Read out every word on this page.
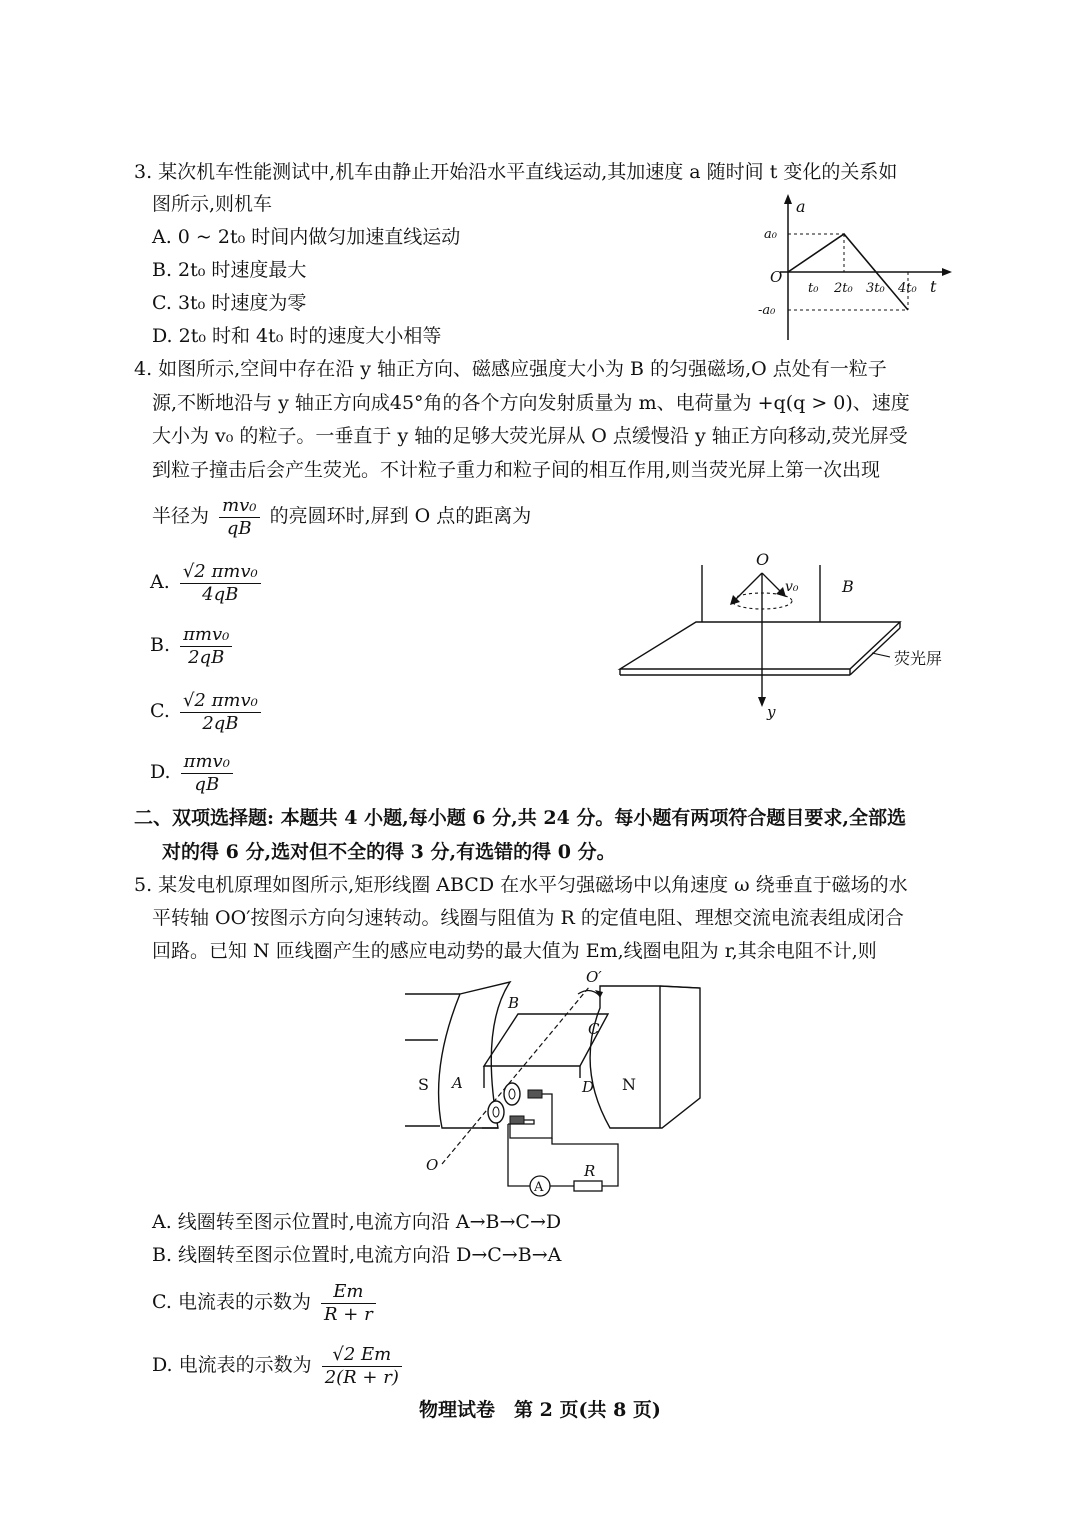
3. 某次机车性能测试中,机车由静止开始沿水平直线运动,其加速度 a 随时间 t 变化的关系如
图所示,则机车
A. 0 ~ 2t₀ 时间内做匀加速直线运动
B. 2t₀ 时速度最大
C. 3t₀ 时速度为零
D. 2t₀ 时和 4t₀ 时的速度大小相等
a
t
O
a₀
-a₀
t₀ 2t₀ 3t₀ 4t₀
4. 如图所示,空间中存在沿 y 轴正方向、磁感应强度大小为 B 的匀强磁场,O 点处有一粒子
源,不断地沿与 y 轴正方向成45°角的各个方向发射质量为 m、电荷量为 +q(q > 0)、速度
大小为 v₀ 的粒子。一垂直于 y 轴的足够大荧光屏从 O 点缓慢沿 y 轴正方向移动,荧光屏受
到粒子撞击后会产生荧光。不计粒子重力和粒子间的相互作用,则当荧光屏上第一次出现
半径为 $\frac{\text{mv₀}}{qB}$ 的亮圆环时,屏到 O 点的距离为
A. $\frac{\text{√2 πmv₀}}{4qB}$
B. $\frac{\text{πmv₀}}{2qB}$
C. $\frac{\text{√2 πmv₀}}{2qB}$
D. $\frac{\text{πmv₀}}{qB}$
O
v₀	B
荧光屏
y
二、双项选择题: 本题共 4 小题,每小题 6 分,共 24 分。每小题有两项符合题目要求,全部选
对的得 6 分,选对但不全的得 3 分,有选错的得 0 分。
5. 某发电机原理如图所示,矩形线圈 ABCD 在水平匀强磁场中以角速度 ω 绕垂直于磁场的水
平转轴 OO′按图示方向匀速转动。线圈与阻值为 R 的定值电阻、理想交流电流表组成闭合
回路。已知 N 匝线圈产生的感应电动势的最大值为 Em,线圈电阻为 r,其余电阻不计,则
S	N
A
B
C
D
O
O′
R
A
A. 线圈转至图示位置时,电流方向沿 A→B→C→D
B. 线圈转至图示位置时,电流方向沿 D→C→B→A
C. 电流表的示数为 $\frac{Em}{R + r}$
D. 电流表的示数为 $\frac{√2 Em}{2(R + r)}$
物理试卷　第 2 页(共 8 页)
